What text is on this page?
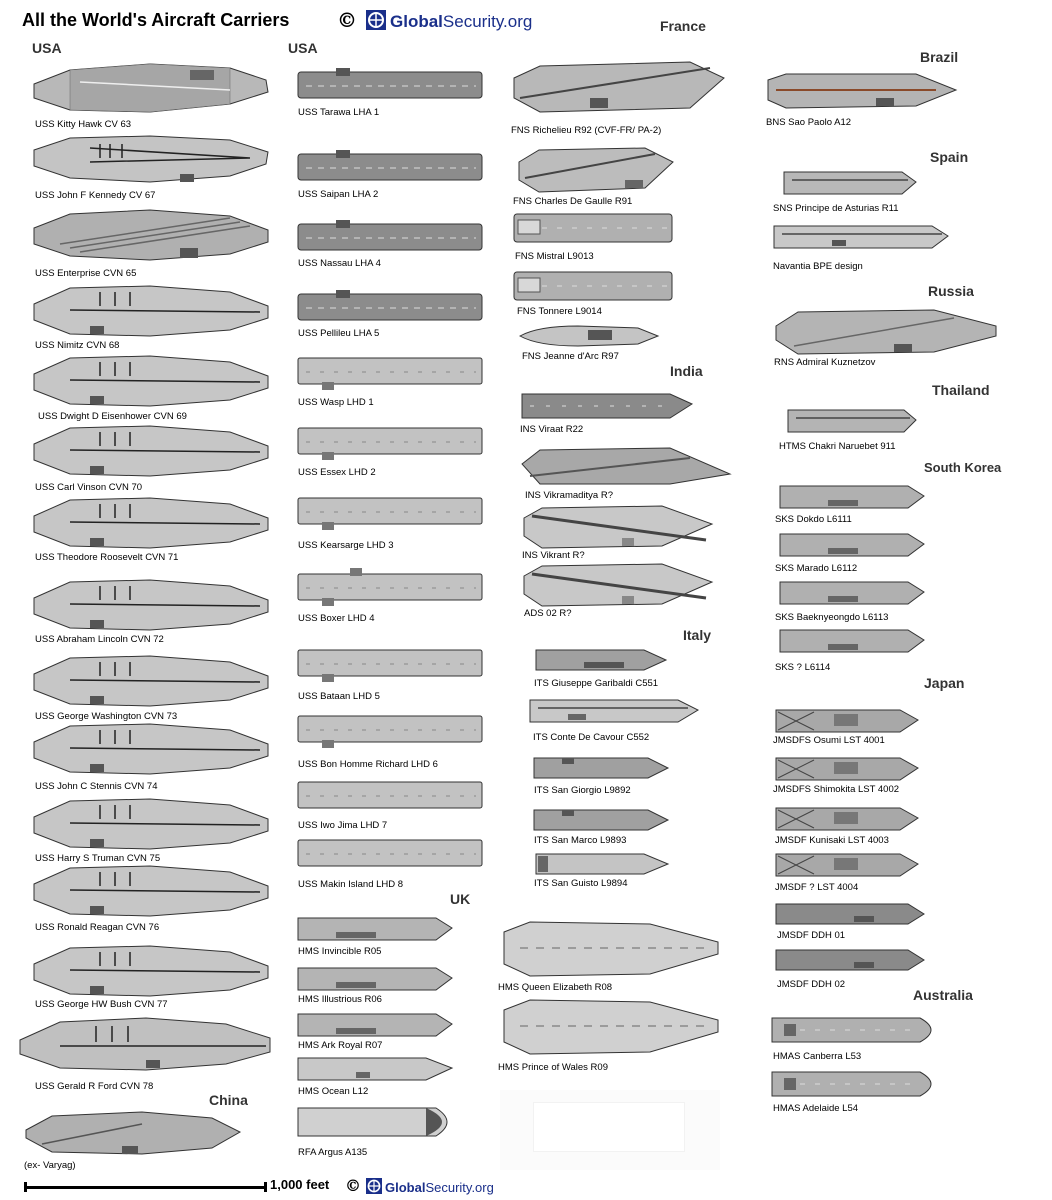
All the World's Aircraft Carriers © GlobalSecurity.org
USA	USA
France
Brazil
Spain
Russia
Thailand
South Korea
India
Italy
Japan
UK
Australia
China
USS Kitty Hawk CV 63
USS John F Kennedy CV 67
USS Enterprise CVN 65
USS Nimitz CVN 68
USS Dwight D Eisenhower CVN 69
USS Carl Vinson CVN 70
USS Theodore Roosevelt CVN 71
USS Abraham Lincoln CVN 72
USS George Washington CVN 73
USS John C Stennis CVN 74
USS Harry S Truman CVN 75
USS Ronald Reagan CVN 76
USS George HW Bush CVN 77
USS Gerald R Ford CVN 78
(ex- Varyag)
USS Tarawa LHA 1
USS Saipan LHA 2
USS Nassau LHA 4
USS Pellileu LHA 5
USS Wasp LHD 1
USS Essex LHD 2
USS Kearsarge LHD 3
USS Boxer LHD 4
USS Bataan LHD 5
USS Bon Homme Richard LHD 6
USS Iwo Jima LHD 7
USS Makin Island LHD 8
HMS Invincible R05
HMS Illustrious R06
HMS Ark Royal R07
HMS Ocean L12
RFA Argus A135
FNS Richelieu R92 (CVF-FR/ PA-2)
FNS Charles De Gaulle R91
FNS Mistral L9013
FNS Tonnere L9014
FNS Jeanne d'Arc R97
INS Viraat R22
INS Vikramaditya R?
INS Vikrant R?
ADS 02 R?
ITS Giuseppe Garibaldi C551
ITS Conte De Cavour C552
ITS San Giorgio L9892
ITS San Marco L9893
ITS San Guisto L9894
HMS Queen Elizabeth R08
HMS Prince of Wales R09
BNS Sao Paolo A12
SNS Principe de Asturias R11
Navantia BPE design
RNS Admiral Kuznetzov
HTMS Chakri Naruebet 911
SKS Dokdo L6111
SKS Marado L6112
SKS Baeknyeongdo L6113
SKS ? L6114
JMSDFS Osumi LST 4001
JMSDFS Shimokita LST 4002
JMSDF Kunisaki LST 4003
JMSDF ? LST 4004
JMSDF DDH 01
JMSDF DDH 02
HMAS Canberra L53
HMAS Adelaide L54
1,000 feet © GlobalSecurity.org
